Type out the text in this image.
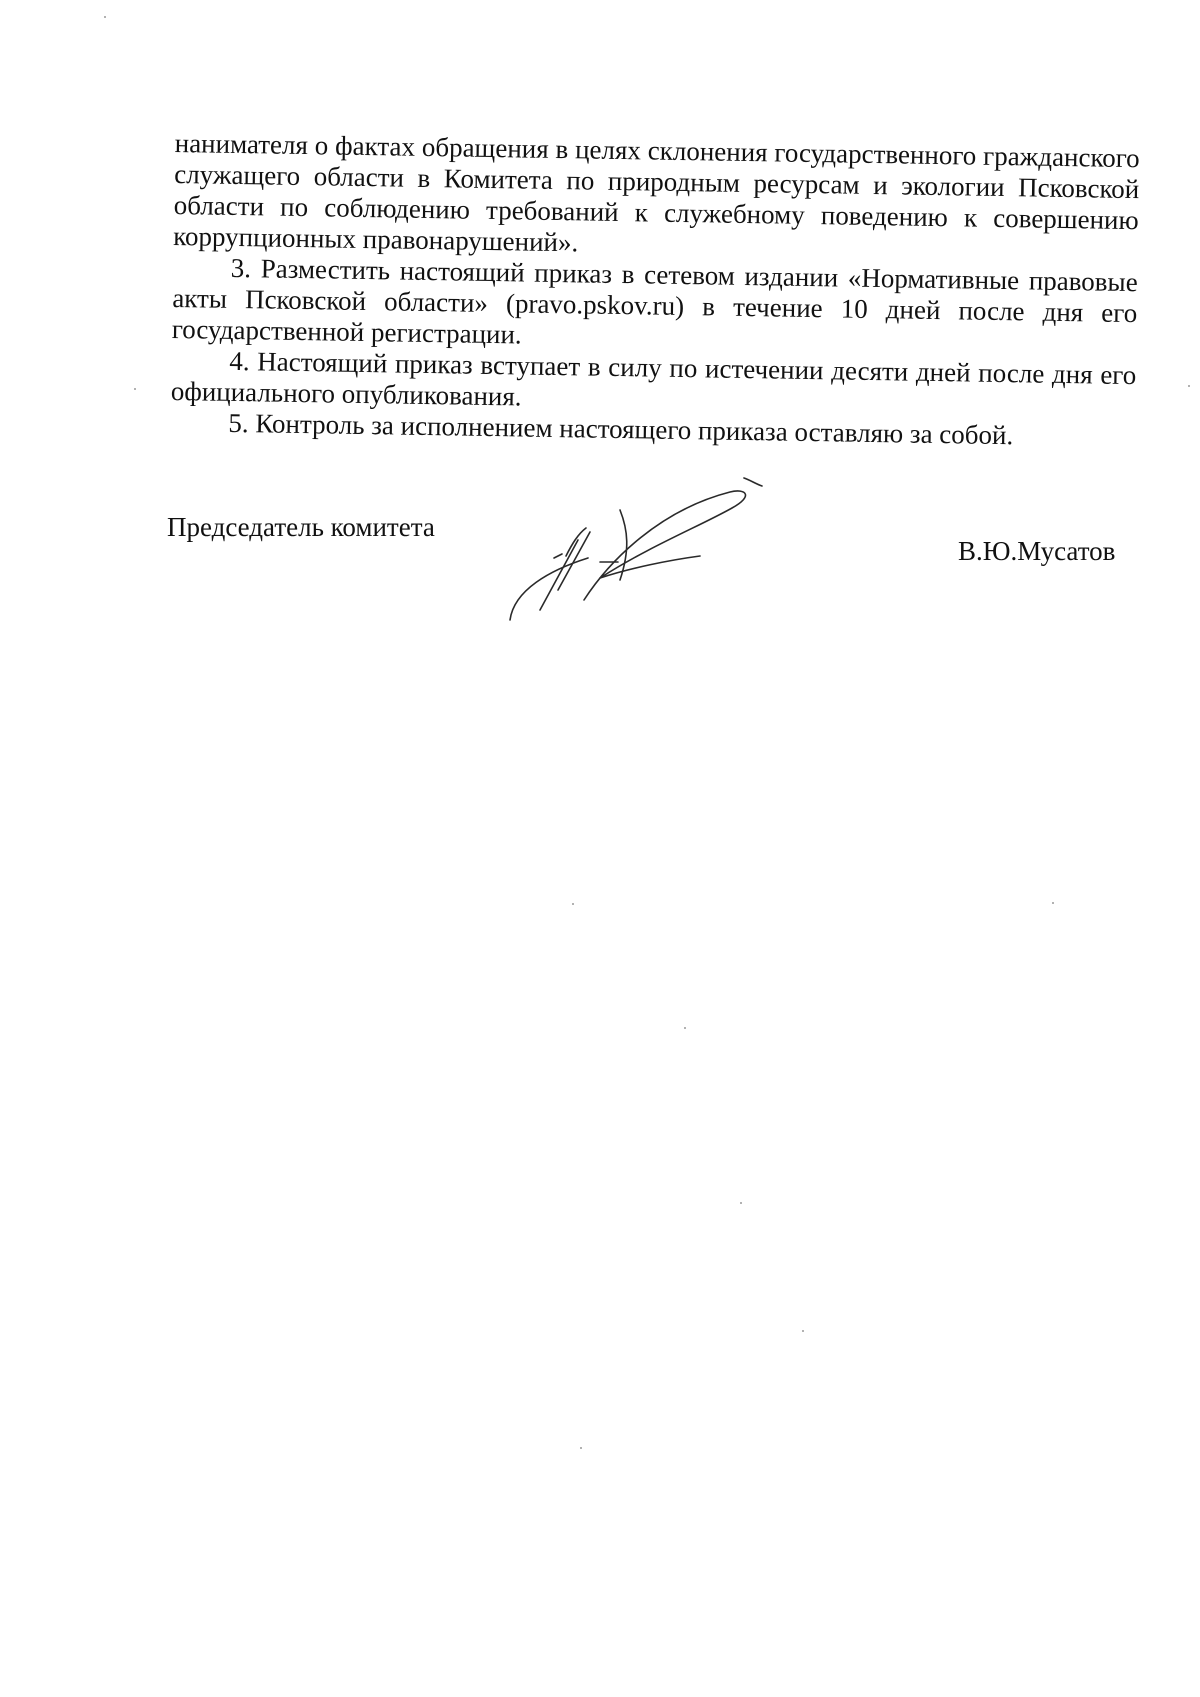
нанимателя о фактах обращения в целях склонения государственного гражданского служащего области в Комитета по природным ресурсам и экологии Псковской области по соблюдению требований к служебному поведению к совершению коррупционных правонарушений».

3. Разместить настоящий приказ в сетевом издании «Нормативные правовые акты Псковской области» (pravo.pskov.ru) в течение 10 дней после дня его государственной регистрации.

4. Настоящий приказ вступает в силу по истечении десяти дней после дня его официального опубликования.

5. Контроль за исполнением настоящего приказа оставляю за собой.

Председатель комитета
В.Ю.Мусатов
